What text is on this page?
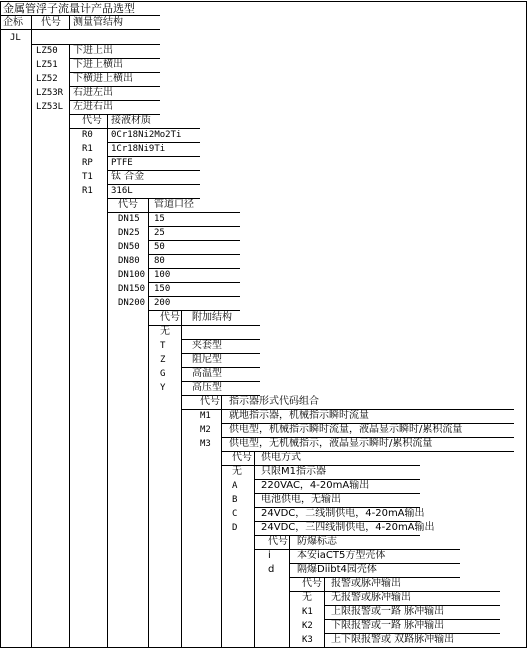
金属管浮子流量计产品选型
企标 代号 测量管结构
JL
LZ50 下进上出
LZ51 下进上横出
LZ52 下横进上横出
LZ53R 右进左出
LZ53L 左进右出
代号 接液材质
R0 0Cr18Ni2Mo2Ti
R1 1Cr18Ni9Ti
RP PTFE
T1 钛 合金
R1 316L
代号 管道口径
DN15 15
DN25 25
DN50 50
DN80 80
DN100 100
DN150 150
DN200 200
代号 附加结构
无
T	夹套型
Z	阻尼型
G	高温型
Y	高压型
代号 指示器形式代码组合
M1 就地指示器，机械指示瞬时流量
M2 供电型，机械指示瞬时流量，液晶显示瞬时/累积流量
M3 供电型，无机械指示，液晶显示瞬时/累积流量
代号 供电方式
无 只限M1指示器
A 220VAC，4-20mA输出
B 电池供电，无输出
C 24VDC，二线制供电，4-20mA输出
D 24VDC，三四线制供电，4-20mA输出
代号 防爆标志
i	本安iaCT5方型壳体
d 隔爆Diibt4园壳体
代号 报警或脉冲输出
无 无报警或脉冲输出
K1 上限报警或一路 脉冲输出
K2 下限报警或一路 脉冲输出
K3 上下限报警或 双路脉冲输出
